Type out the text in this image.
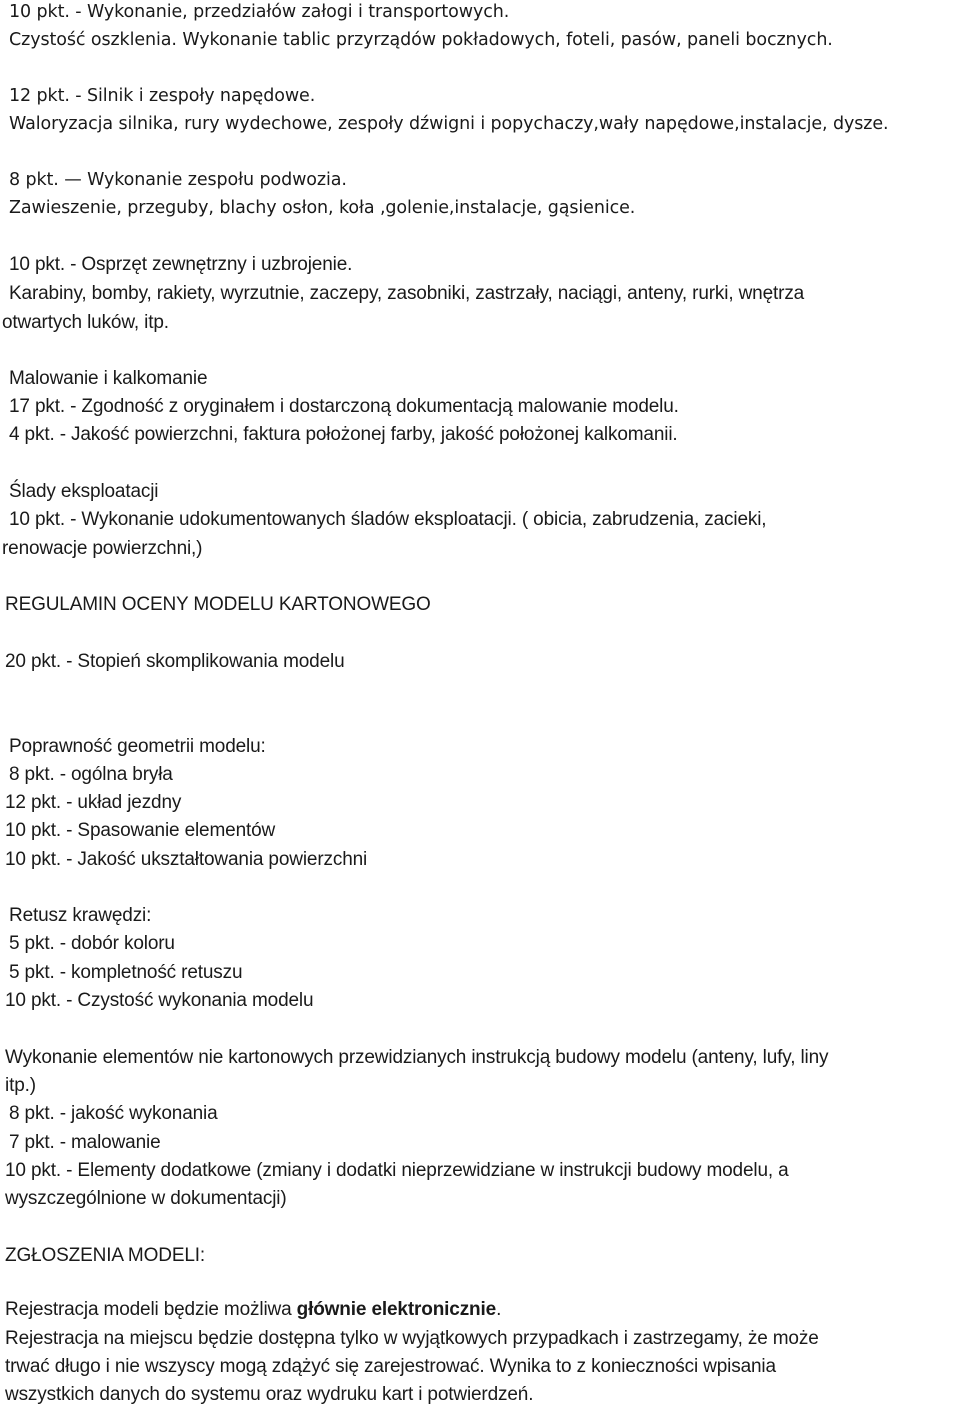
10 pkt. - Wykonanie, przedziałów załogi i transportowych.
Czystość oszklenia. Wykonanie tablic przyrządów pokładowych, foteli, pasów, paneli bocznych.
12 pkt. - Silnik i zespoły napędowe.
Waloryzacja silnika, rury wydechowe, zespoły dźwigni i popychaczy,wały napędowe,instalacje, dysze.
8 pkt. — Wykonanie zespołu podwozia.
Zawieszenie, przeguby, blachy osłon, koła ,golenie,instalacje, gąsienice.
10 pkt. - Osprzęt zewnętrzny i uzbrojenie.
Karabiny, bomby, rakiety, wyrzutnie, zaczepy, zasobniki, zastrzały, naciągi, anteny, rurki, wnętrza
otwartych luków, itp.
Malowanie i kalkomanie
17 pkt. - Zgodność z oryginałem i dostarczoną dokumentacją malowanie modelu.
4 pkt. - Jakość powierzchni, faktura położonej farby, jakość położonej kalkomanii.
Ślady eksploatacji
10 pkt. - Wykonanie udokumentowanych śladów eksploatacji. ( obicia, zabrudzenia, zacieki,
renowacje powierzchni,)
REGULAMIN OCENY MODELU KARTONOWEGO
20 pkt. - Stopień skomplikowania modelu
Poprawność geometrii modelu:
8 pkt. - ogólna bryła
12 pkt. - układ jezdny
10 pkt. - Spasowanie elementów
10 pkt. - Jakość ukształtowania powierzchni
Retusz krawędzi:
5 pkt. - dobór koloru
5 pkt. - kompletność retuszu
10 pkt. - Czystość wykonania modelu
Wykonanie elementów nie kartonowych przewidzianych instrukcją budowy modelu (anteny, lufy, liny
itp.)
8 pkt. - jakość wykonania
7 pkt. - malowanie
10 pkt. - Elementy dodatkowe (zmiany i dodatki nieprzewidziane w instrukcji budowy modelu, a
wyszczególnione w dokumentacji)
ZGŁOSZENIA MODELI:
Rejestracja modeli będzie możliwa głównie elektronicznie.
Rejestracja na miejscu będzie dostępna tylko w wyjątkowych przypadkach i zastrzegamy, że może
trwać długo i nie wszyscy mogą zdążyć się zarejestrować. Wynika to z konieczności wpisania
wszystkich danych do systemu oraz wydruku kart i potwierdzeń.
